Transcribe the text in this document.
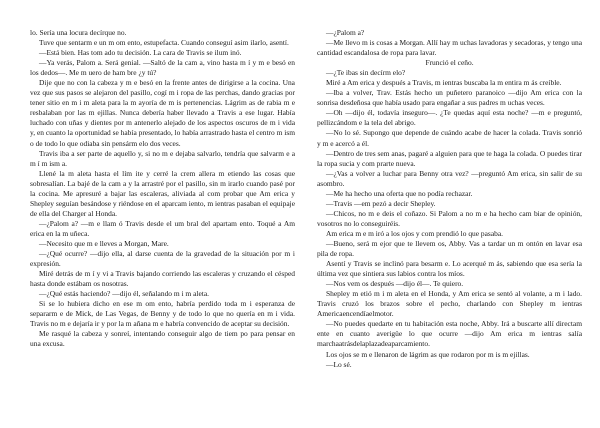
lo. Sería una locura decírque no.

Tuve que sentarm e un m om ento, estupefacta. Cuando conseguí asim ilarlo, asentí.

—Está bien. Has tom ado tu decisión. La cara de Travis se ilum inó.

—Ya verás, Palom a. Será genial. —Saltó de la cam a, vino hasta m í y m e besó en los dedos—. Me m uero de ham bre ¿y tú?

Dije que no con la cabeza y m e besó en la frente antes de dirigirse a la cocina. Una vez que sus pasos se alejaron del pasillo, cogí m i ropa de las perchas, dando gracias por tener sitio en m i m aleta para la m ayoría de m is pertenencias. Lágrim as de rabia m e resbalaban por las m ejillas. Nunca debería haber llevado a Travis a ese lugar. Había luchado con uñas y dientes por m antenerlo alejado de los aspectos oscuros de m i vida y, en cuanto la oportunidad se había presentado, lo había arrastrado hasta el centro m ism o de todo lo que odiaba sin pensárm elo dos veces.

Travis iba a ser parte de aquello y, si no m e dejaba salvarlo, tendría que salvarm e a m í m ism a.

Llené la m aleta hasta el lím ite y cerré la crem allera m etiendo las cosas que sobresalían. La bajé de la cam a y la arrastré por el pasillo, sin m irarlo cuando pasé por la cocina. Me apresuré a bajar las escaleras, aliviada al com probar que Am erica y Shepley seguían besándose y riéndose en el aparcam iento, m ientras pasaban el equipaje de ella del Charger al Honda.

—¿Palom a? —m e llam ó Travis desde el um bral del apartam ento. Toqué a Am erica en la m uñeca.

—Necesito que m e lleves a Morgan, Mare.

—¿Qué ocurre? —dijo ella, al darse cuenta de la gravedad de la situación por m i expresión.

Miré detrás de m í y vi a Travis bajando corriendo las escaleras y cruzando el césped hasta donde estábam os nosotras.

—¿Qué estás haciendo? —dijo él, señalando m i m aleta.

Si se lo hubiera dicho en ese m om ento, habría perdido toda m i esperanza de separarm e de Mick, de Las Vegas, de Benny y de todo lo que no quería en m i vida. Travis no m e dejaría ir y por la m añana m e habría convencido de aceptar su decisión.

Me rasqué la cabeza y sonreí, intentando conseguir algo de tiem po para pensar en una excusa.

—¿Palom a?

—Me llevo m is cosas a Morgan. Allí hay m uchas lavadoras y secadoras, y tengo una cantidad escandalosa de ropa para lavar.

Frunció el ceño.

—¿Te ibas sin decírm elo?

Miré a Am erica y después a Travis, m ientras buscaba la m entira m ás creíble.

—Iba a volver, Trav. Estás hecho un puñetero paranoico —dijo Am erica con la sonrisa desdeñosa que había usado para engañar a sus padres m uchas veces.

—Oh —dijo él, todavía inseguro—. ¿Te quedas aquí esta noche? —m e preguntó, pellizcándom e la tela del abrigo.

—No lo sé. Supongo que depende de cuándo acabe de hacer la colada. Travis sonrió y m e acercó a él.

—Dentro de tres sem anas, pagaré a alguien para que te haga la colada. O puedes tirar la ropa sucia y com prarte nueva.

—¿Vas a volver a luchar para Benny otra vez? —preguntó Am erica, sin salir de su asombro.

—Me ha hecho una oferta que no podía rechazar.

—Travis —em pezó a decir Shepley.

—Chicos, no m e deis el coñazo. Si Palom a no m e ha hecho cam biar de opinión, vosotros no lo conseguiréis.

Am erica m e m iró a los ojos y com prendió lo que pasaba.

—Bueno, será m ejor que te llevem os, Abby. Vas a tardar un m ontón en lavar esa pila de ropa.

Asentí y Travis se inclinó para besarm e. Lo acerqué m ás, sabiendo que esa sería la última vez que sintiera sus labios contra los míos.

—Nos vem os después —dijo él—. Te quiero.

Shepley m etió m i m aleta en el Honda, y Am erica se sentó al volante, a m i lado. Travis cruzó los brazos sobre el pecho, charlando con Shepley m ientras Americaencendíaelmotor.

—No puedes quedarte en tu habitación esta noche, Abby. Irá a buscarte allí directam ente en cuanto averigüe lo que ocurre —dijo Am erica m ientras salía marchaatrásdelaplazadeaparcamiento.

Los ojos se m e llenaron de lágrim as que rodaron por m is m ejillas.

—Lo sé.
